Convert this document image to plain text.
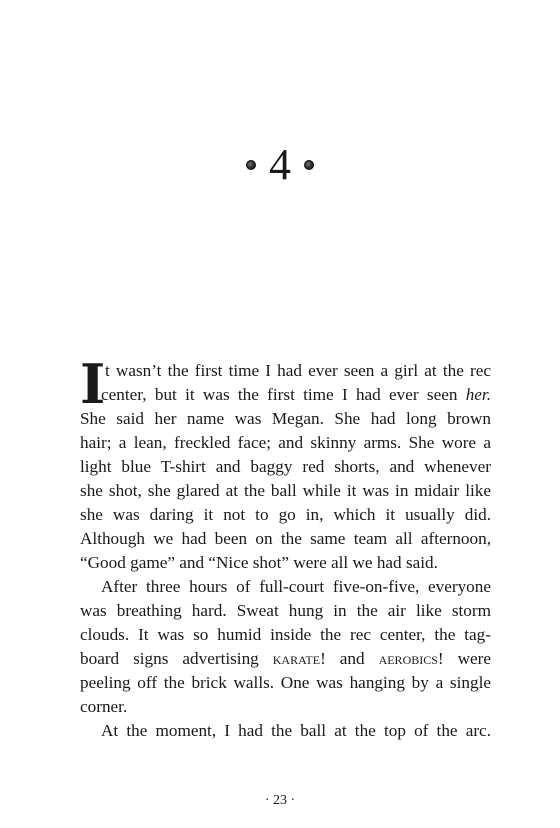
4
I t wasn’t the first time I had ever seen a girl at the rec
center, but it was the first time I had ever seen her.
She said her name was Megan. She had long brown
hair; a lean, freckled face; and skinny arms. She wore a
light blue T-shirt and baggy red shorts, and whenever
she shot, she glared at the ball while it was in midair like
she was daring it not to go in, which it usually did.
Although we had been on the same team all afternoon,
“Good game” and “Nice shot” were all we had said.
After three hours of full-court five-on-five, everyone
was breathing hard. Sweat hung in the air like storm
clouds. It was so humid inside the rec center, the tag-
board signs advertising karate! and aerobics! were
peeling off the brick walls. One was hanging by a single
corner.
At the moment, I had the ball at the top of the arc.
· 23 ·
